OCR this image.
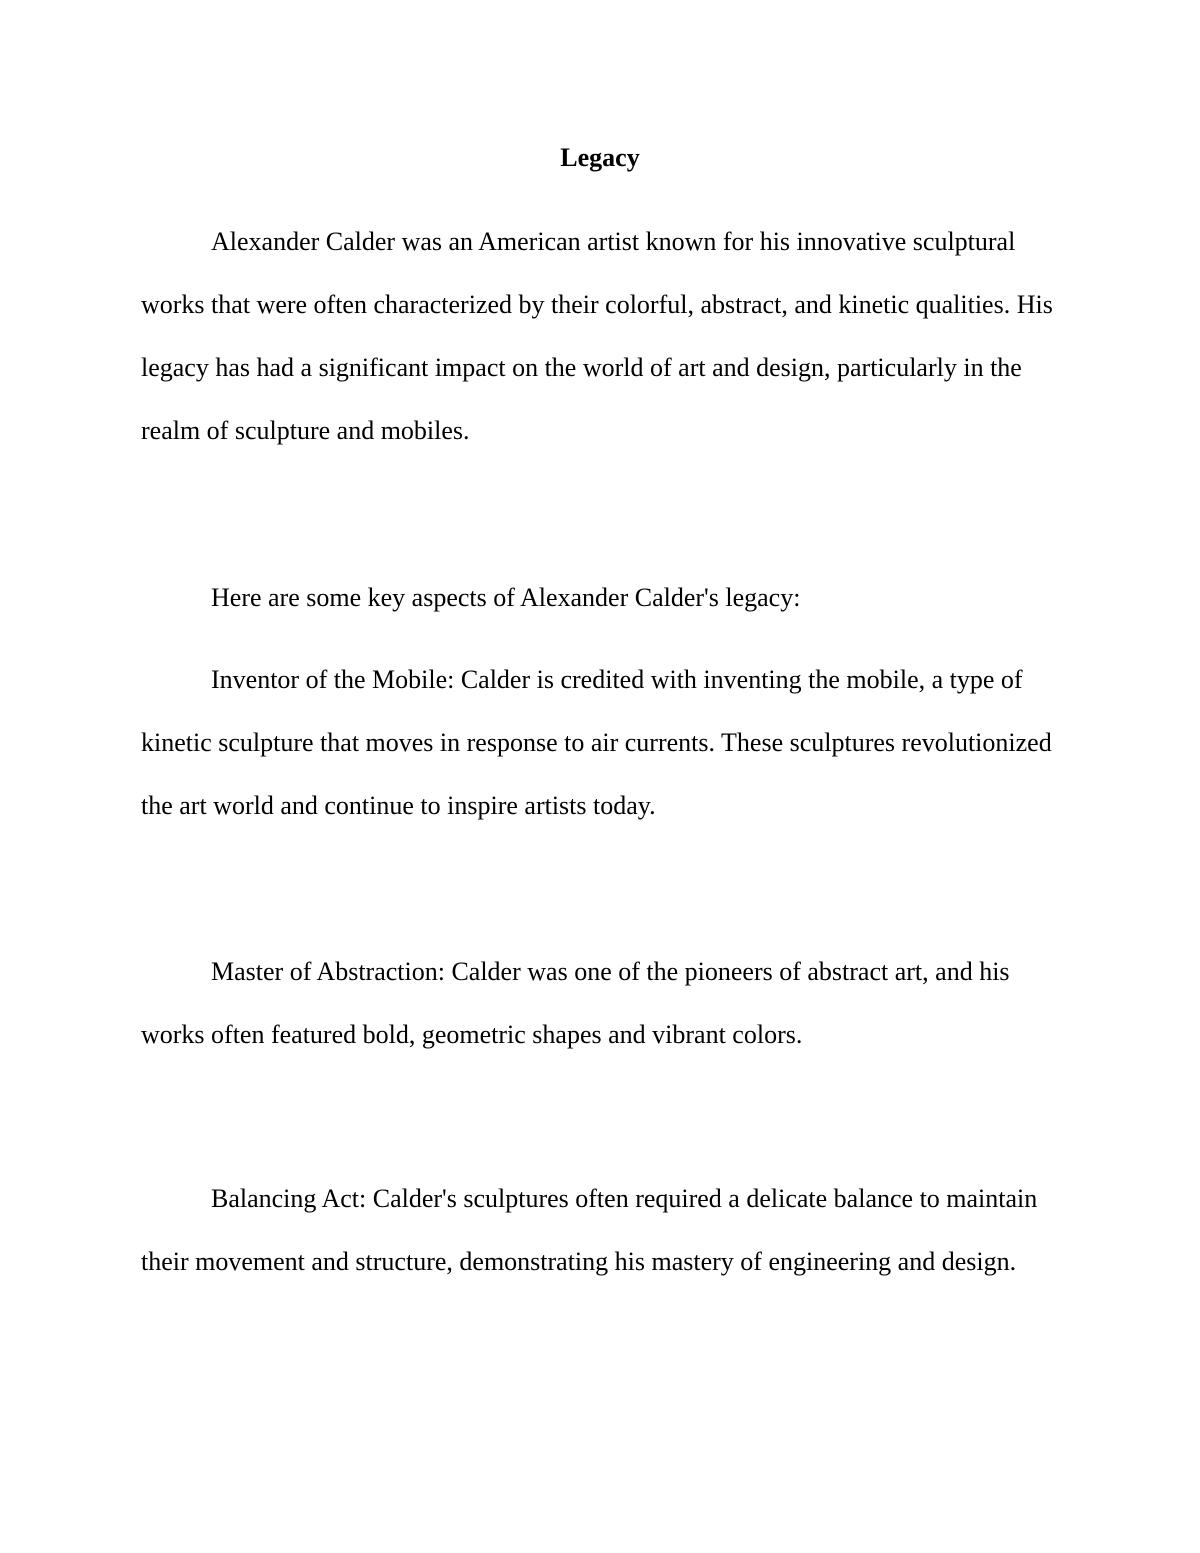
Legacy

Alexander Calder was an American artist known for his innovative sculptural works that were often characterized by their colorful, abstract, and kinetic qualities. His legacy has had a significant impact on the world of art and design, particularly in the realm of sculpture and mobiles.

Here are some key aspects of Alexander Calder's legacy:

Inventor of the Mobile: Calder is credited with inventing the mobile, a type of kinetic sculpture that moves in response to air currents. These sculptures revolutionized the art world and continue to inspire artists today.

Master of Abstraction: Calder was one of the pioneers of abstract art, and his works often featured bold, geometric shapes and vibrant colors.

Balancing Act: Calder's sculptures often required a delicate balance to maintain their movement and structure, demonstrating his mastery of engineering and design.
